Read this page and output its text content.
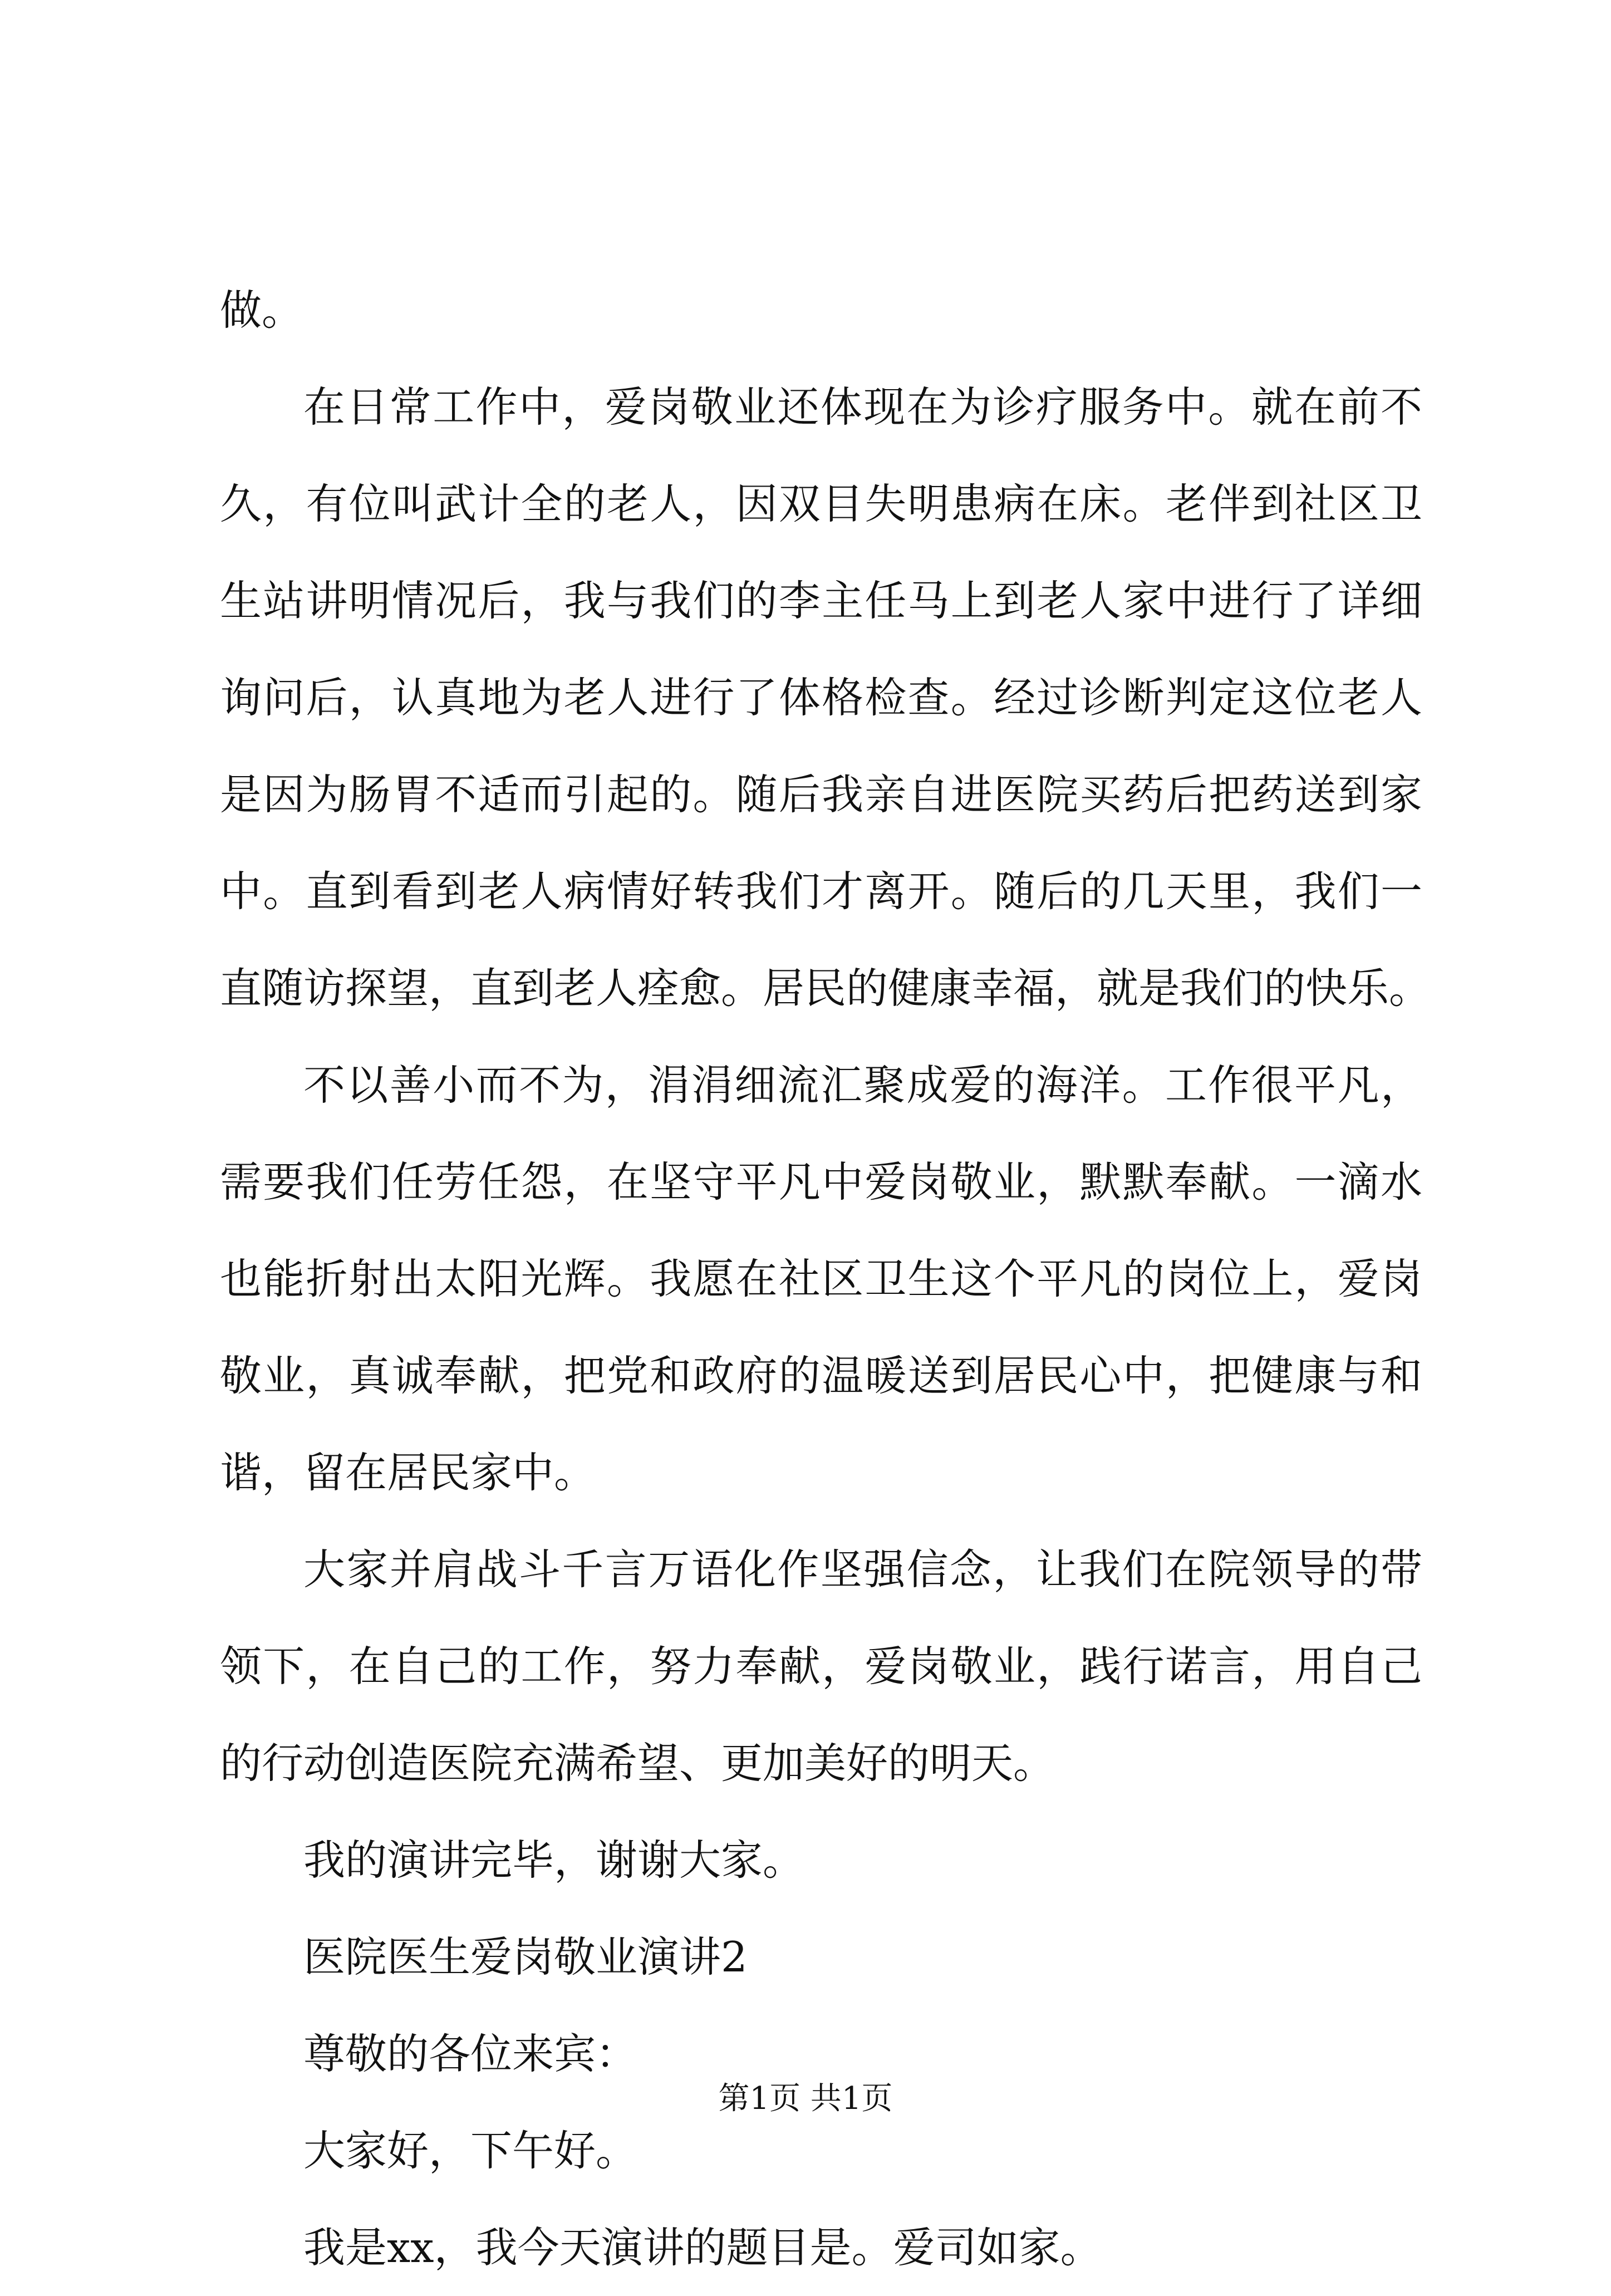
做。
在日常工作中，爱岗敬业还体现在为诊疗服务中。就在前不
久，有位叫武计全的老人，因双目失明患病在床。老伴到社区卫
生站讲明情况后，我与我们的李主任马上到老人家中进行了详细
询问后，认真地为老人进行了体格检查。经过诊断判定这位老人
是因为肠胃不适而引起的。随后我亲自进医院买药后把药送到家
中。直到看到老人病情好转我们才离开。随后的几天里，我们一
直随访探望，直到老人痊愈。居民的健康幸福，就是我们的快乐。
不以善小而不为，涓涓细流汇聚成爱的海洋。工作很平凡，
需要我们任劳任怨，在坚守平凡中爱岗敬业，默默奉献。一滴水
也能折射出太阳光辉。我愿在社区卫生这个平凡的岗位上，爱岗
敬业，真诚奉献，把党和政府的温暖送到居民心中，把健康与和
谐，留在居民家中。
大家并肩战斗千言万语化作坚强信念，让我们在院领导的带
领下，在自己的工作，努力奉献，爱岗敬业，践行诺言，用自己
的行动创造医院充满希望、更加美好的明天。
我的演讲完毕，谢谢大家。
医院医生爱岗敬业演讲2
尊敬的各位来宾：
大家好，下午好。
我是xx，我今天演讲的题目是。爱司如家。
第1页 共1页
